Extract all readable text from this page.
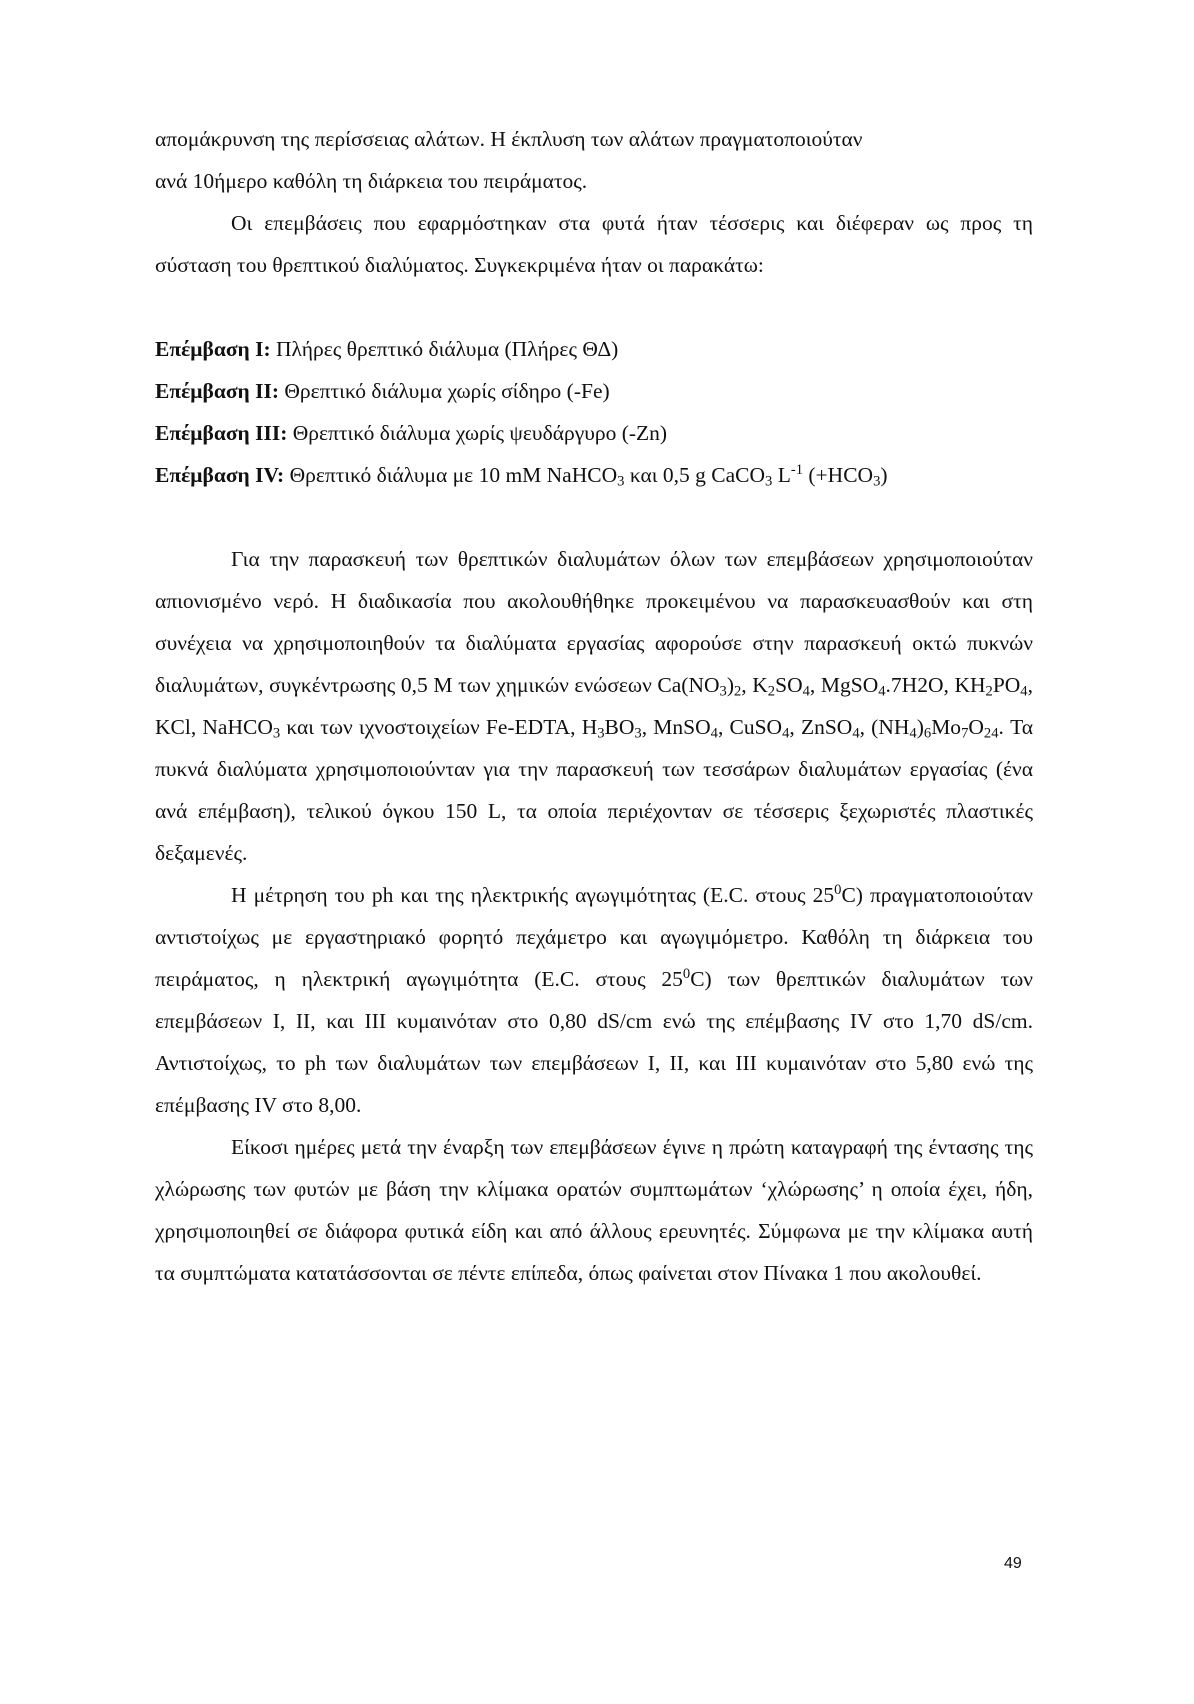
απομάκρυνση της περίσσειας αλάτων. Η έκπλυση των αλάτων πραγματοποιούταν

ανά 10ήμερο καθόλη τη διάρκεια του πειράματος.

Οι επεμβάσεις που εφαρμόστηκαν στα φυτά ήταν τέσσερις και διέφεραν ως προς τη σύσταση του θρεπτικού διαλύματος. Συγκεκριμένα ήταν οι παρακάτω:

Επέμβαση I: Πλήρες θρεπτικό διάλυμα (Πλήρες ΘΔ)

Επέμβαση II: Θρεπτικό διάλυμα χωρίς σίδηρο (-Fe)

Επέμβαση III: Θρεπτικό διάλυμα χωρίς ψευδάργυρο (-Zn)

Επέμβαση IV: Θρεπτικό διάλυμα με 10 mM NaHCO$_3$ και 0,5 g CaCO$_3$ $L^{-1}$ $(+HCO_3)$

Για την παρασκευή των θρεπτικών διαλυμάτων όλων των επεμβάσεων χρησιμοποιούταν απιονισμένο νερό. Η διαδικασία που ακολουθήθηκε προκειμένου να παρασκευασθούν και στη συνέχεια να χρησιμοποιηθούν τα διαλύματα εργασίας αφορούσε στην παρασκευή οκτώ πυκνών διαλυμάτων, συγκέντρωσης 0,5 M των χημικών ενώσεων $Ca(NO_3)_2$, $K_2SO_4$, MgSO$_4$.7H2O, $KH_2PO_4$, KCl, NaHCO$_3$ και των ιχνοστοιχείων Fe-EDTA, $H_3BO_3$, MnSO$_4$, CuSO$_4$, ZnSO$_4$, $(NH_4)_6Mo_7O_{24}$. Τα πυκνά διαλύματα χρησιμοποιούνταν για την παρασκευή των τεσσάρων διαλυμάτων εργασίας (ένα ανά επέμβαση), τελικού όγκου 150 L, τα οποία περιέχονταν σε τέσσερις ξεχωριστές πλαστικές δεξαμενές.

Η μέτρηση του ph και της ηλεκτρικής αγωγιμότητας (E.C. στους $25^0C$) πραγματοποιούταν αντιστοίχως με εργαστηριακό φορητό πεχάμετρο και αγωγιμόμετρο. Καθόλη τη διάρκεια του πειράματος, η ηλεκτρική αγωγιμότητα (E.C. στους $25^0C$) των θρεπτικών διαλυμάτων των επεμβάσεων I, II, και III κυμαινόταν στο 0,80 dS/cm ενώ της επέμβασης IV στο 1,70 dS/cm. Αντιστοίχως, το ph των διαλυμάτων των επεμβάσεων I, II, και III κυμαινόταν στο 5,80 ενώ της επέμβασης IV στο 8,00.

Είκοσι ημέρες μετά την έναρξη των επεμβάσεων έγινε η πρώτη καταγραφή της έντασης της χλώρωσης των φυτών με βάση την κλίμακα ορατών συμπτωμάτων ‘χλώρωσης’ η οποία έχει, ήδη, χρησιμοποιηθεί σε διάφορα φυτικά είδη και από άλλους ερευνητές. Σύμφωνα με την κλίμακα αυτή τα συμπτώματα κατατάσσονται σε πέντε επίπεδα, όπως φαίνεται στον Πίνακα 1 που ακολουθεί.

49
